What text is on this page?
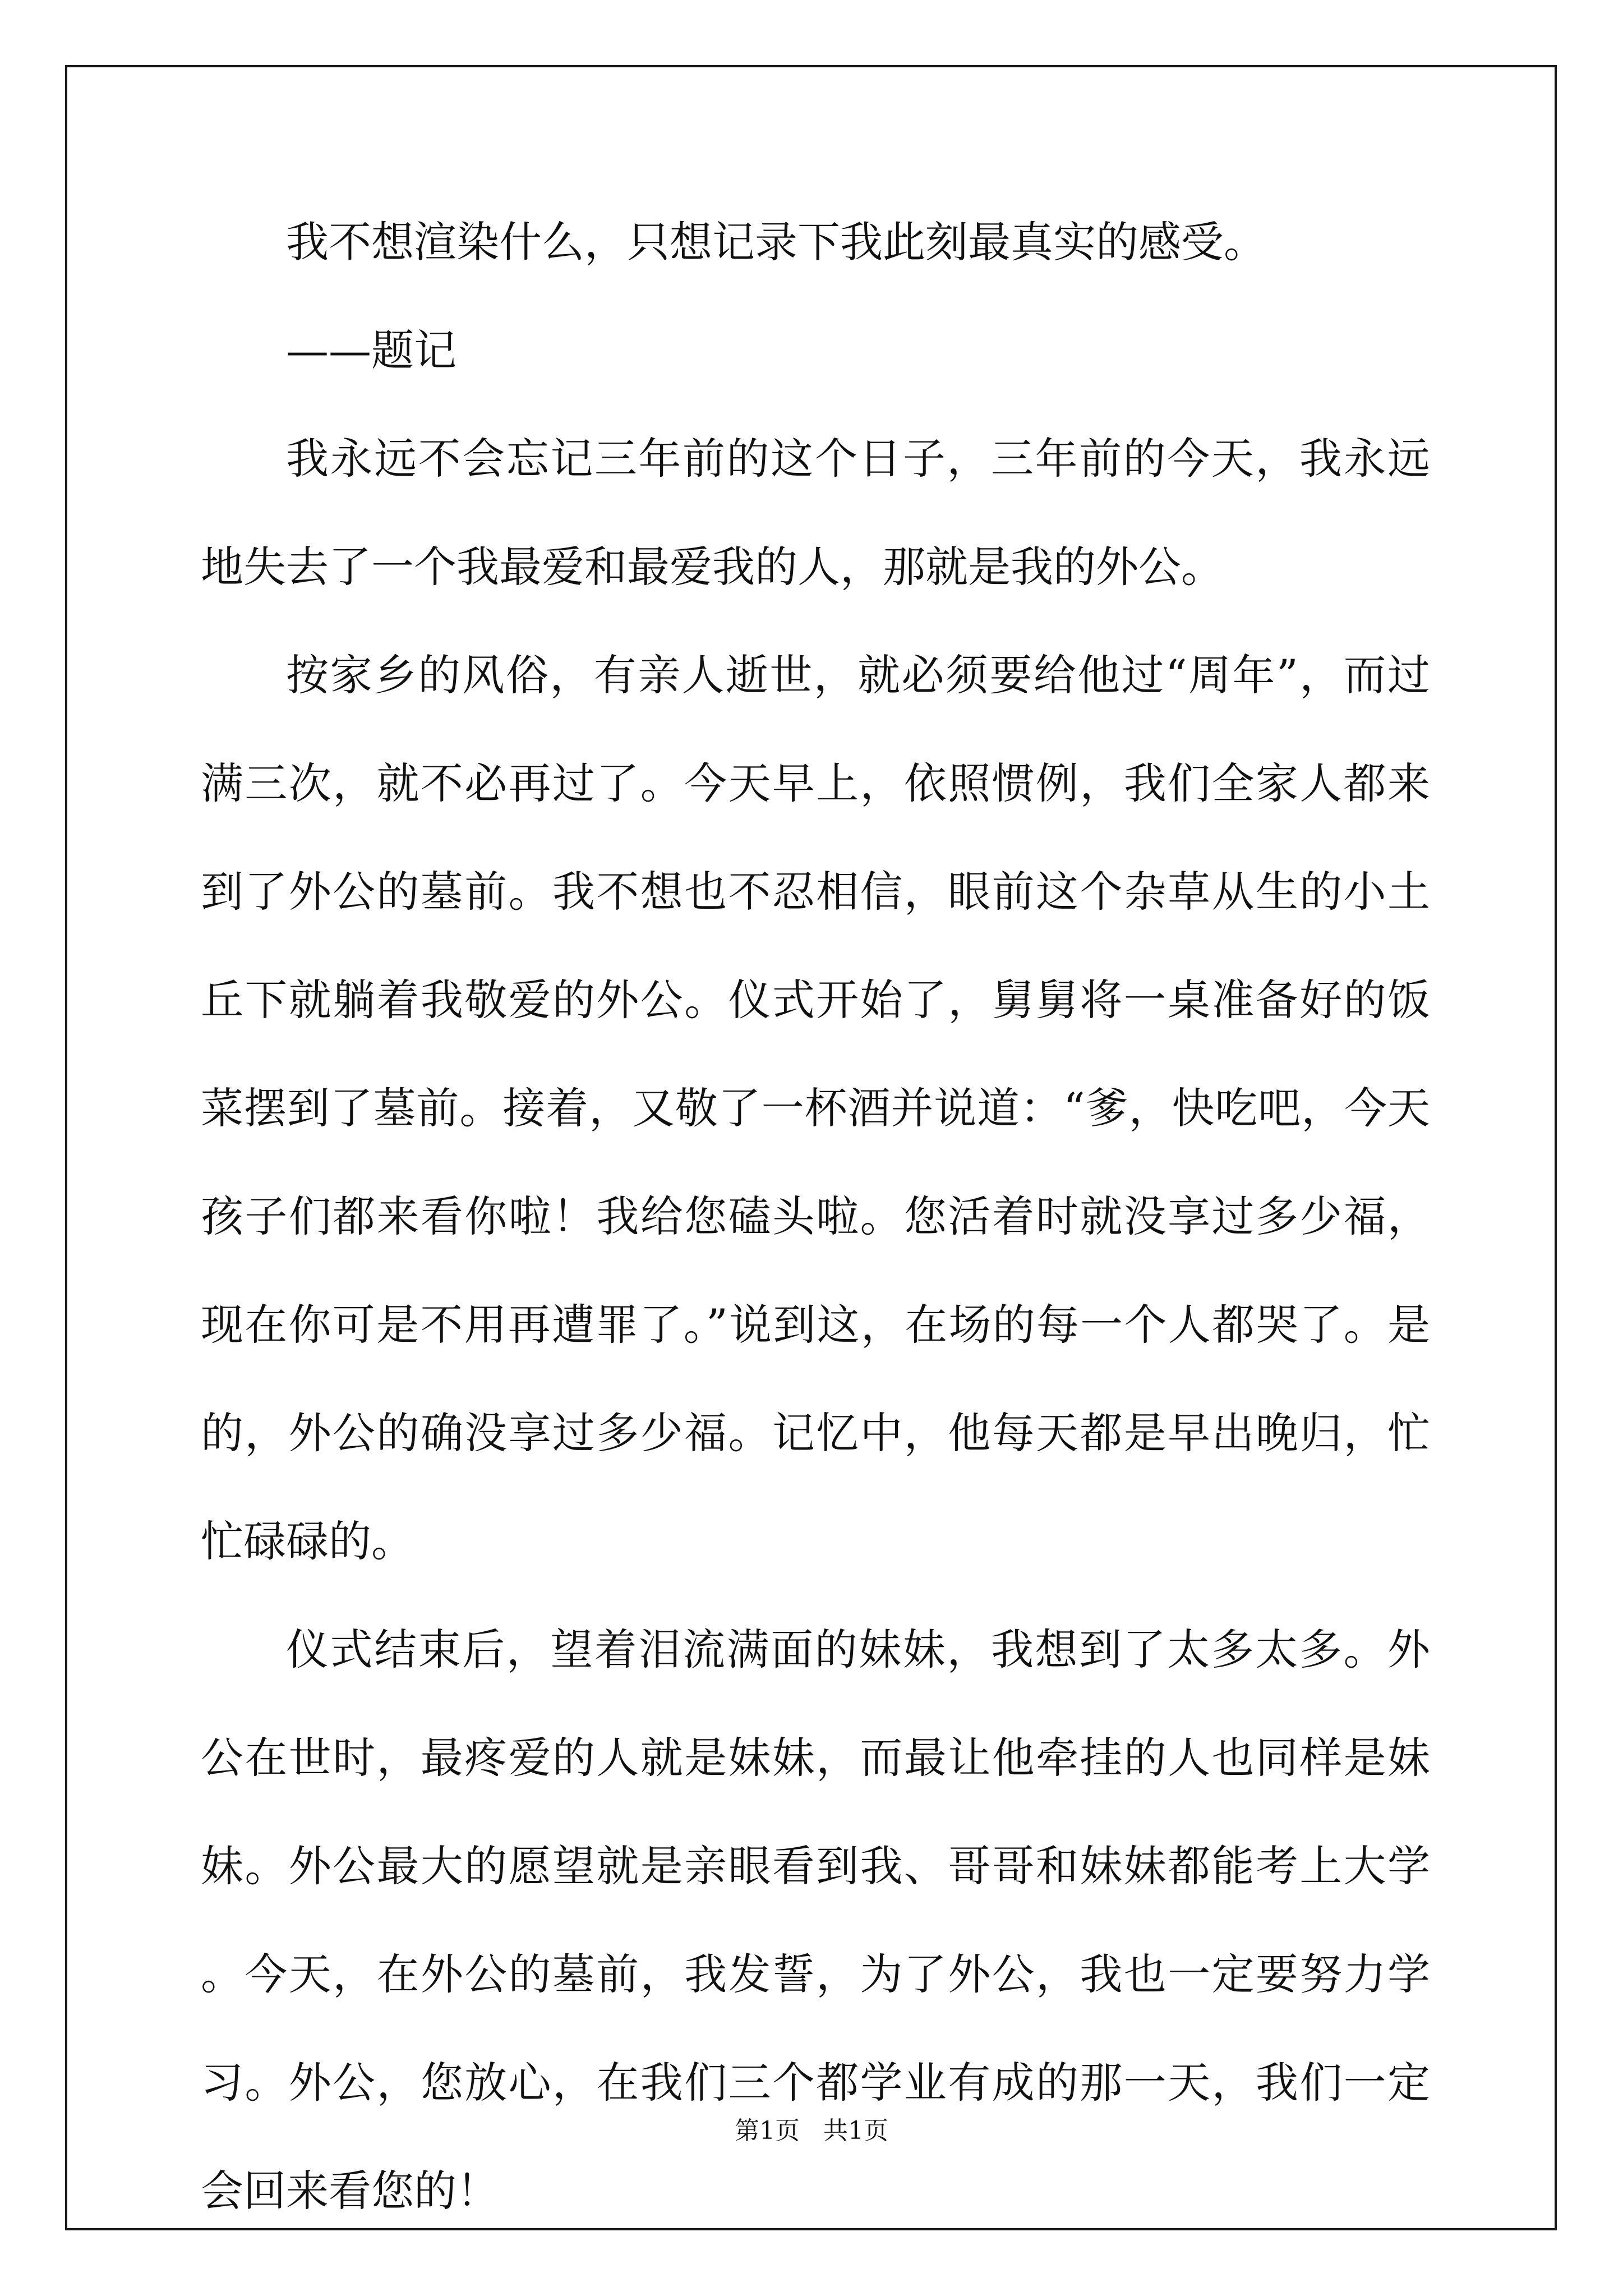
我不想渲染什么，只想记录下我此刻最真实的感受。

——题记

我永远不会忘记三年前的这个日子，三年前的今天，我永远地失去了一个我最爱和最爱我的人，那就是我的外公。

按家乡的风俗，有亲人逝世，就必须要给他过“周年”，而过满三次，就不必再过了。今天早上，依照惯例，我们全家人都来到了外公的墓前。我不想也不忍相信，眼前这个杂草从生的小土丘下就躺着我敬爱的外公。仪式开始了，舅舅将一桌准备好的饭菜摆到了墓前。接着，又敬了一杯酒并说道：“爹，快吃吧，今天孩子们都来看你啦！我给您磕头啦。您活着时就没享过多少福，现在你可是不用再遭罪了。”说到这，在场的每一个人都哭了。是的，外公的确没享过多少福。记忆中，他每天都是早出晚归，忙忙碌碌的。

仪式结束后，望着泪流满面的妹妹，我想到了太多太多。外公在世时，最疼爱的人就是妹妹，而最让他牵挂的人也同样是妹妹。外公最大的愿望就是亲眼看到我、哥哥和妹妹都能考上大学。今天，在外公的墓前，我发誓，为了外公，我也一定要努力学习。外公，您放心，在我们三个都学业有成的那一天，我们一定会回来看您的！

第1页   共1页
